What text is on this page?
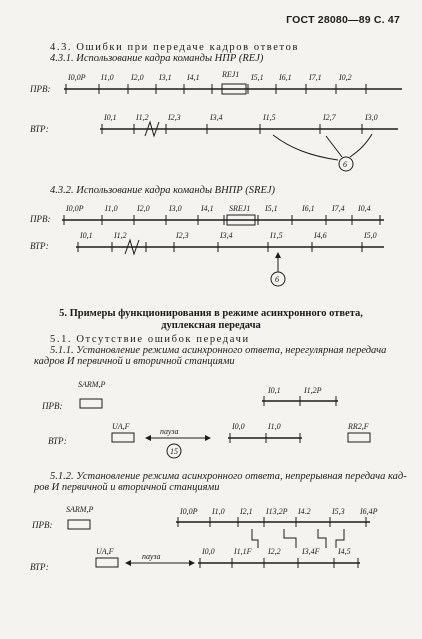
ГОСТ 28080—89 С. 47
4.3. Ошибки при передаче кадров ответов
4.3.1. Использование кадра команды НПР (REJ)
ПРВ:
I0,0P I1,0 I2,0 I3,1 I4,1	REJ1 I5,1 I6,1 I7,1 I0,2
ВТР:
I0,1 I1,2 I2,3	I3,4	I1,5	I2,7	I3,0
6
4.3.2. Использование кадра команды ВНПР (SREJ)
ПРВ:
I0,0P	I1,0 I2,0 I3,0 I4,1 SREJ1 I5,1	I6,1 I7,4 I0,4
ВТР:
I0,1	I1,2	I2,3	I3,4	I1,5	I4,6	I5,0
6
5. Примеры функционирования в режиме асинхронного ответа,
дуплексная передача
5.1. Отсутствие ошибок передачи
5.1.1. Установление режима асинхронного ответа, нерегулярная передача
кадров И первичной и вторичной станциями
SARM,P
ПРВ:
I0,1	I1,2P
ВТР:
UA,F
пауза
15
I0,0	I1,0	RR2,F
5.1.2. Установление режима асинхронного ответа, непрерывная передача кад-
ров И первичной и вторичной станциями
SARM,P
ПРВ:
I0,0P I1,0 I2,1 I13,2P I4.2	I5,3 I6,4P
ВТР:
UA,F
пауза
I0,0 I1,1F I2,2	I3,4F I4,5
